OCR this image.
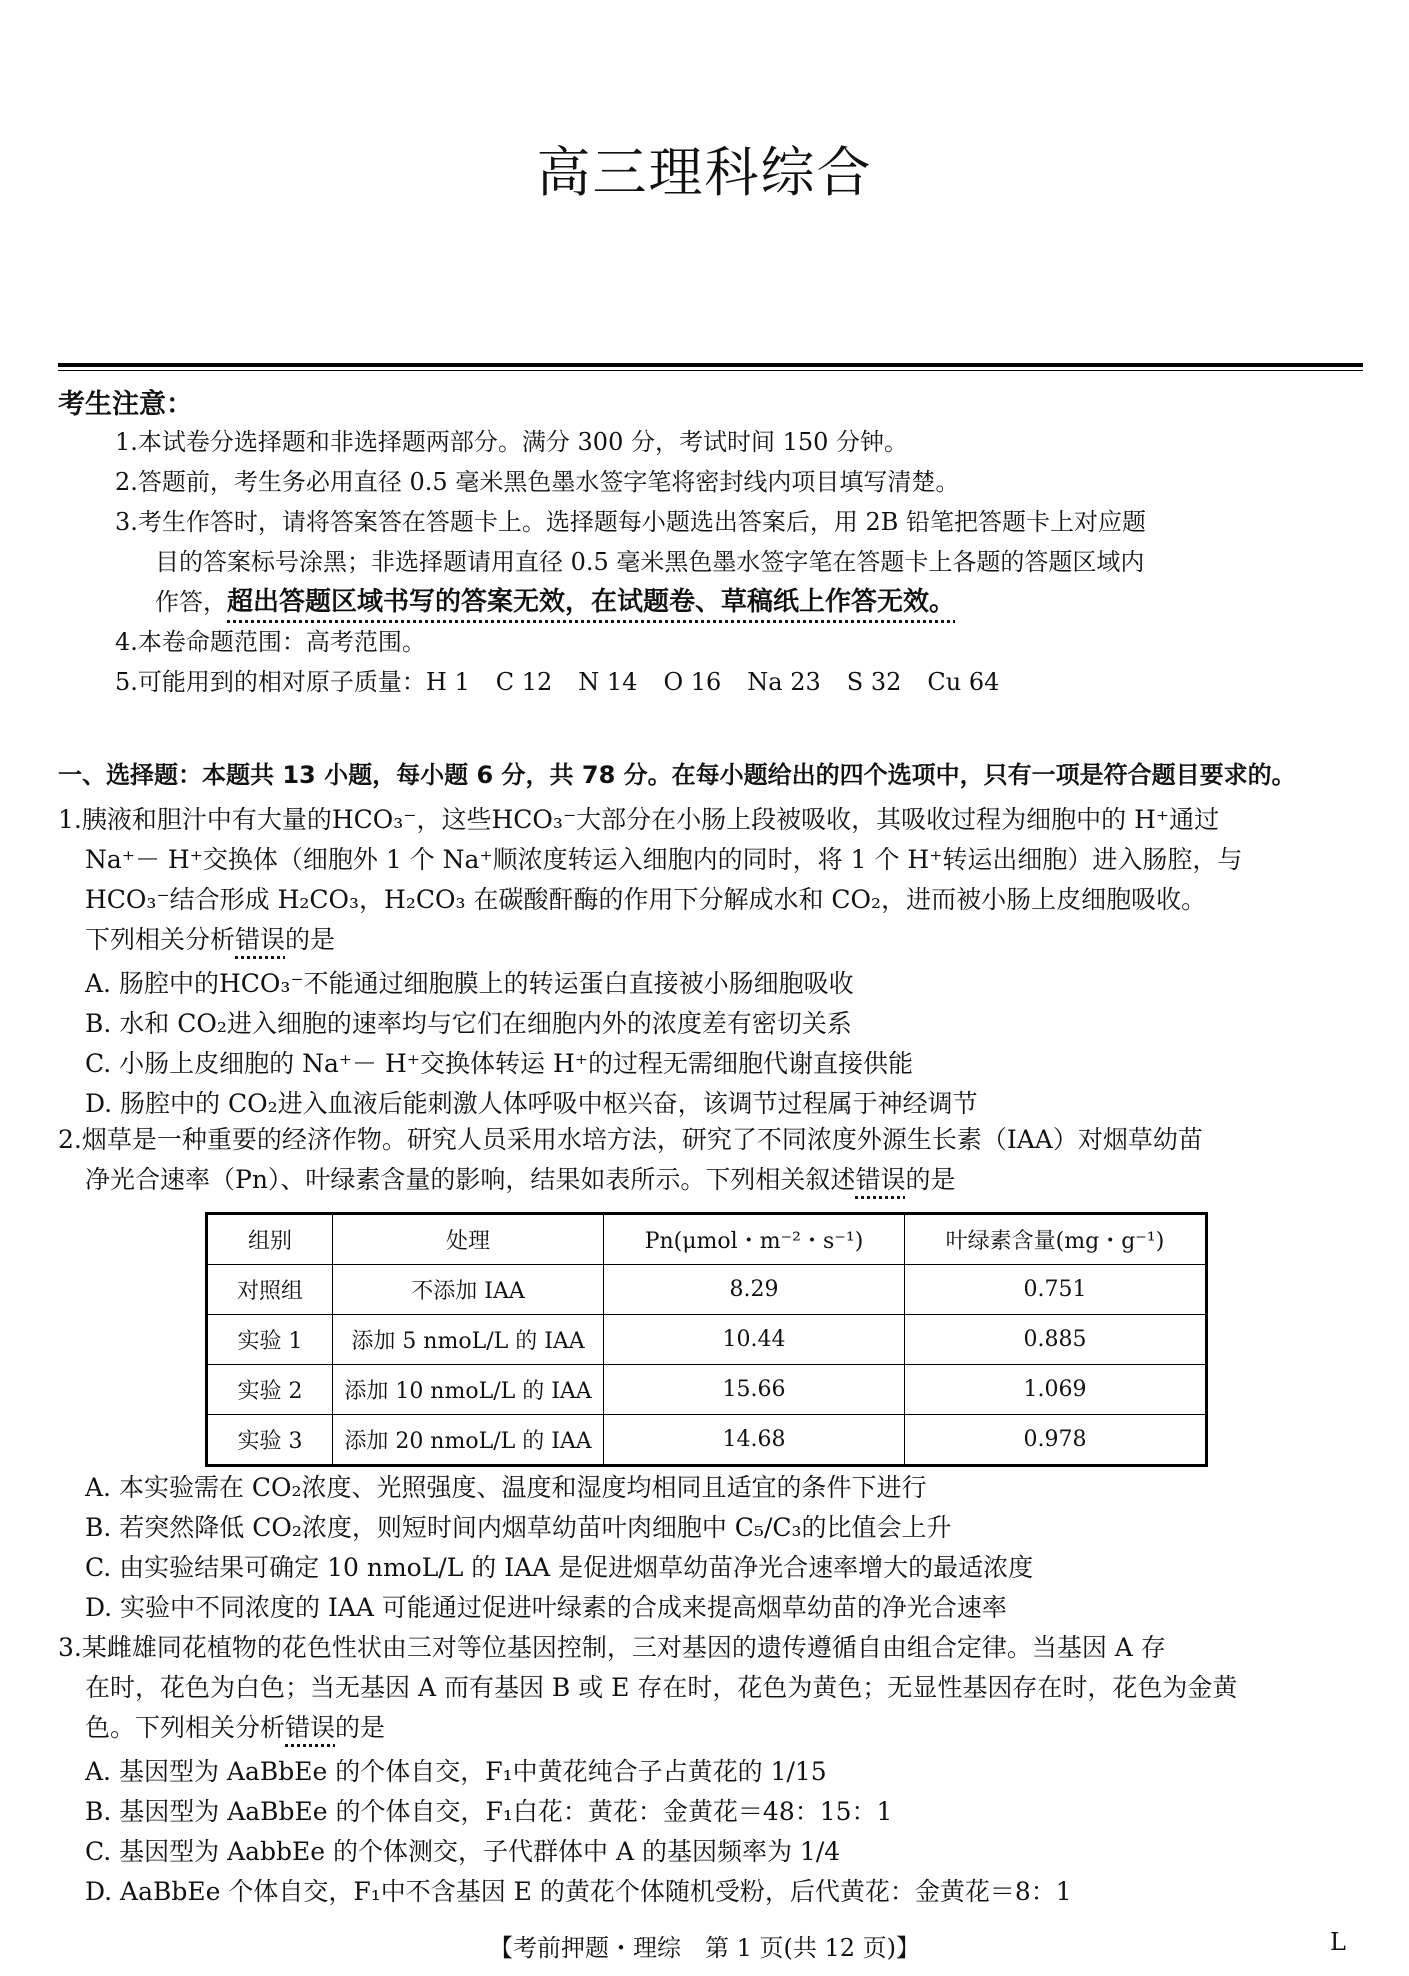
高三理科综合
考生注意：
1.本试卷分选择题和非选择题两部分。满分 300 分，考试时间 150 分钟。
2.答题前，考生务必用直径 0.5 毫米黑色墨水签字笔将密封线内项目填写清楚。
3.考生作答时，请将答案答在答题卡上。选择题每小题选出答案后，用 2B 铅笔把答题卡上对应题
目的答案标号涂黑；非选择题请用直径 0.5 毫米黑色墨水签字笔在答题卡上各题的答题区域内
作答，超出答题区域书写的答案无效，在试题卷、草稿纸上作答无效。
4.本卷命题范围：高考范围。
5.可能用到的相对原子质量：H 1 C 12 N 14 O 16 Na 23 S 32 Cu 64
一、选择题：本题共 13 小题，每小题 6 分，共 78 分。在每小题给出的四个选项中，只有一项是符合题目要求的。
1.胰液和胆汁中有大量的HCO₃⁻，这些HCO₃⁻大部分在小肠上段被吸收，其吸收过程为细胞中的 H⁺通过
Na⁺－ H⁺交换体（细胞外 1 个 Na⁺顺浓度转运入细胞内的同时，将 1 个 H⁺转运出细胞）进入肠腔，与
HCO₃⁻结合形成 H₂CO₃，H₂CO₃ 在碳酸酐酶的作用下分解成水和 CO₂，进而被小肠上皮细胞吸收。
下列相关分析错误的是
A. 肠腔中的HCO₃⁻不能通过细胞膜上的转运蛋白直接被小肠细胞吸收
B. 水和 CO₂进入细胞的速率均与它们在细胞内外的浓度差有密切关系
C. 小肠上皮细胞的 Na⁺－ H⁺交换体转运 H⁺的过程无需细胞代谢直接供能
D. 肠腔中的 CO₂进入血液后能刺激人体呼吸中枢兴奋，该调节过程属于神经调节
2.烟草是一种重要的经济作物。研究人员采用水培方法，研究了不同浓度外源生长素（IAA）对烟草幼苗
净光合速率（Pn）、叶绿素含量的影响，结果如表所示。下列相关叙述错误的是
组别	处理	Pn(μmol・m⁻²・s⁻¹)	叶绿素含量(mg・g⁻¹)
对照组	不添加 IAA	8.29	0.751
实验 1	添加 5 nmoL/L 的 IAA	10.44	0.885
实验 2	添加 10 nmoL/L 的 IAA	15.66	1.069
实验 3	添加 20 nmoL/L 的 IAA	14.68	0.978
A. 本实验需在 CO₂浓度、光照强度、温度和湿度均相同且适宜的条件下进行
B. 若突然降低 CO₂浓度，则短时间内烟草幼苗叶肉细胞中 C₅/C₃的比值会上升
C. 由实验结果可确定 10 nmoL/L 的 IAA 是促进烟草幼苗净光合速率增大的最适浓度
D. 实验中不同浓度的 IAA 可能通过促进叶绿素的合成来提高烟草幼苗的净光合速率
3.某雌雄同花植物的花色性状由三对等位基因控制，三对基因的遗传遵循自由组合定律。当基因 A 存
在时，花色为白色；当无基因 A 而有基因 B 或 E 存在时，花色为黄色；无显性基因存在时，花色为金黄
色。下列相关分析错误的是
A. 基因型为 AaBbEe 的个体自交，F₁中黄花纯合子占黄花的 1/15
B. 基因型为 AaBbEe 的个体自交，F₁白花：黄花：金黄花＝48：15：1
C. 基因型为 AabbEe 的个体测交，子代群体中 A 的基因频率为 1/4
D. AaBbEe 个体自交，F₁中不含基因 E 的黄花个体随机受粉，后代黄花：金黄花＝8：1
【考前押题・理综　第 1 页(共 12 页)】	L
